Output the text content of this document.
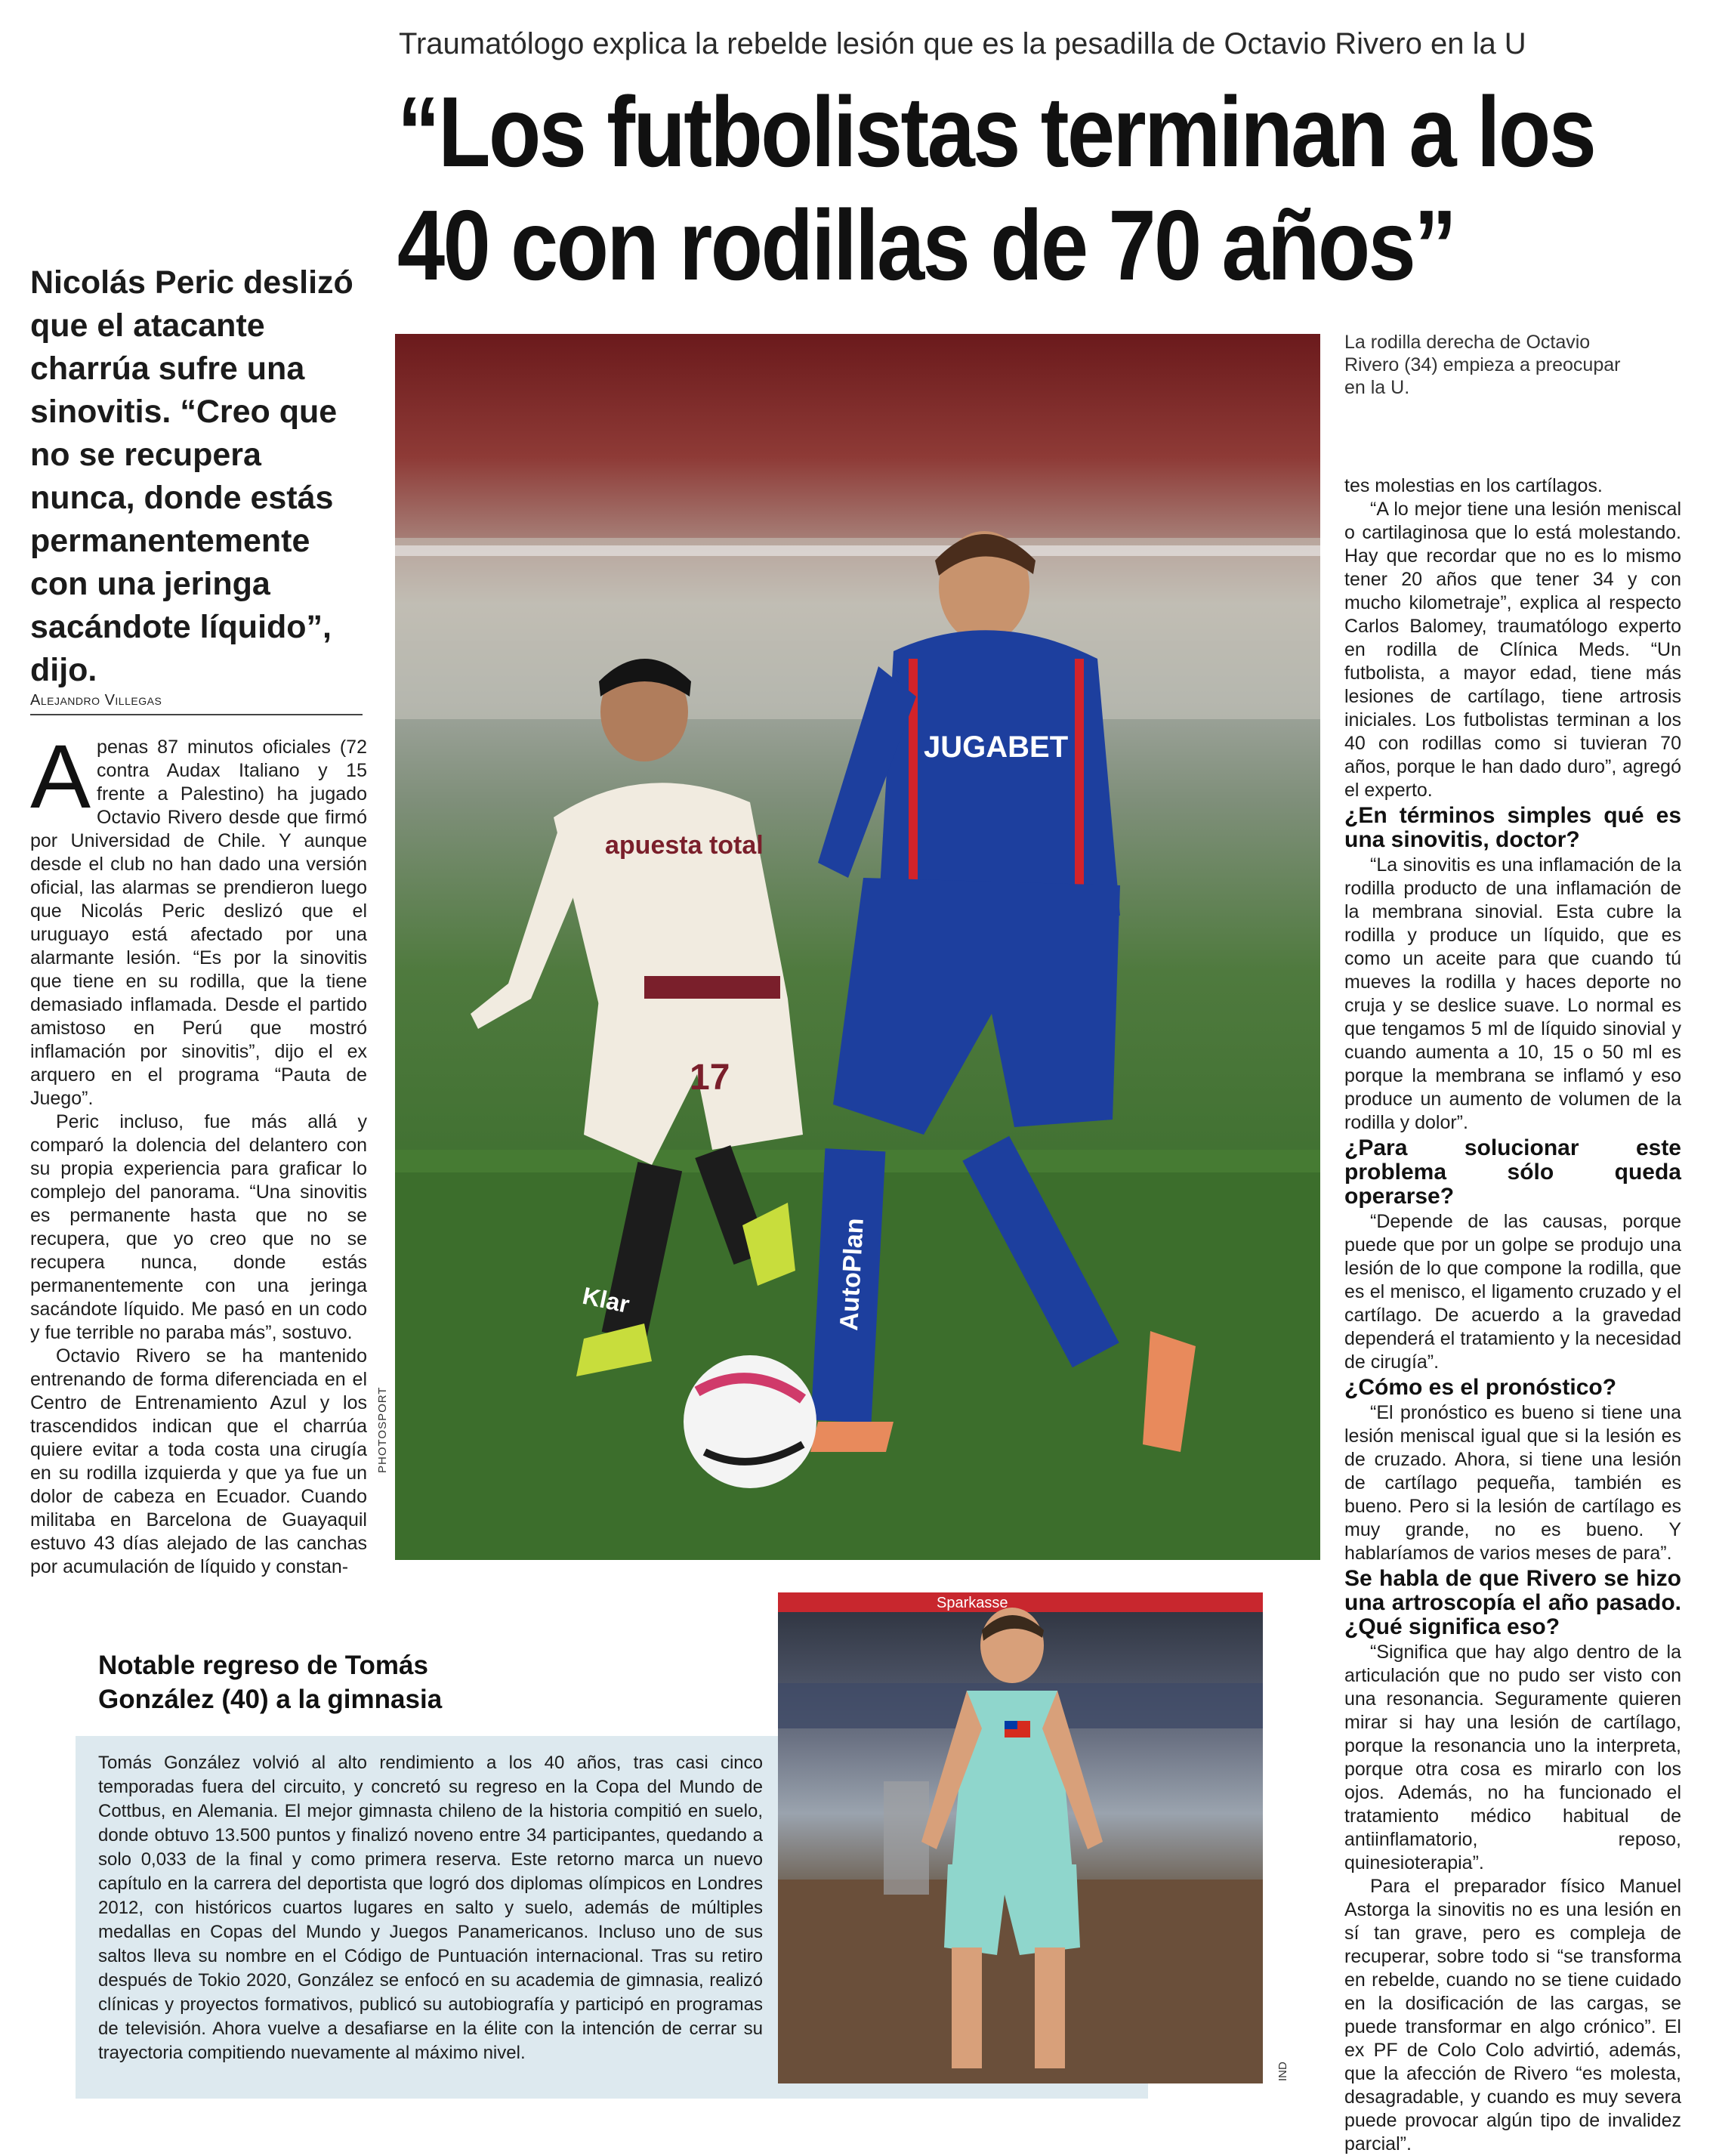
Traumatólogo explica la rebelde lesión que es la pesadilla de Octavio Rivero en la U
“Los futbolistas terminan a los
40 con rodillas de 70 años”
Nicolás Peric deslizó que el atacante charrúa sufre una sinovitis. “Creo que no se recupera nunca, donde estás permanentemente con una jeringa sacándote líquido”, dijo.
Alejandro Villegas

Apenas 87 minutos oficiales (72 contra Audax Italiano y 15 frente a Palestino) ha jugado Octavio Rivero desde que firmó por Universidad de Chile. Y aunque desde el club no han dado una versión oficial, las alarmas se prendieron luego que Nicolás Peric deslizó que el uruguayo está afectado por una alarmante lesión. “Es por la sinovitis que tiene en su rodilla, que la tiene demasiado inflamada. Desde el partido amistoso en Perú que mostró inflamación por sinovitis”, dijo el ex arquero en el programa “Pauta de Juego”.

Peric incluso, fue más allá y comparó la dolencia del delantero con su propia experiencia para graficar lo complejo del panorama. “Una sinovitis es permanente hasta que no se recupera, que yo creo que no se recupera nunca, donde estás permanentemente con una jeringa sacándote líquido. Me pasó en un codo y fue terrible no paraba más”, sostuvo.

Octavio Rivero se ha mantenido entrenando de forma diferenciada en el Centro de Entrenamiento Azul y los trascendidos indican que el charrúa quiere evitar a toda costa una cirugía en su rodilla izquierda y que ya fue un dolor de cabeza en Ecuador. Cuando militaba en Barcelona de Guayaquil estuvo 43 días alejado de las canchas por acumulación de líquido y constan-

apuesta total
17
Klar
JUGABET
AutoPlan
PHOTOSPORT
La rodilla derecha de Octavio Rivero (34) empieza a preocupar en la U.

tes molestias en los cartílagos.

“A lo mejor tiene una lesión meniscal o cartilaginosa que lo está molestando. Hay que recordar que no es lo mismo tener 20 años que tener 34 y con mucho kilometraje”, explica al respecto Carlos Balomey, traumatólogo experto en rodilla de Clínica Meds. “Un futbolista, a mayor edad, tiene más lesiones de cartílago, tiene artrosis iniciales. Los futbolistas terminan a los 40 con rodillas como si tuvieran 70 años, porque le han dado duro”, agregó el experto.

¿En términos simples qué es una sinovitis, doctor?

“La sinovitis es una inflamación de la rodilla producto de una inflamación de la membrana sinovial. Esta cubre la rodilla y produce un líquido, que es como un aceite para que cuando tú mueves la rodilla y haces deporte no cruja y se deslice suave. Lo normal es que tengamos 5 ml de líquido sinovial y cuando aumenta a 10, 15 o 50 ml es porque la membrana se inflamó y eso produce un aumento de volumen de la rodilla y dolor”.

¿Para solucionar este problema sólo queda operarse?

“Depende de las causas, porque puede que por un golpe se produjo una lesión de lo que compone la rodilla, que es el menisco, el ligamento cruzado y el cartílago. De acuerdo a la gravedad dependerá el tratamiento y la necesidad de cirugía”.

¿Cómo es el pronóstico?

“El pronóstico es bueno si tiene una lesión meniscal igual que si la lesión es de cruzado. Ahora, si tiene una lesión de cartílago pequeña, también es bueno. Pero si la lesión de cartílago es muy grande, no es bueno. Y hablaríamos de varios meses de para”.

Se habla de que Rivero se hizo una artroscopía el año pasado. ¿Qué significa eso?

“Significa que hay algo dentro de la articulación que no pudo ser visto con una resonancia. Seguramente quieren mirar si hay una lesión de cartílago, porque la resonancia uno la interpreta, porque otra cosa es mirarlo con los ojos. Además, no ha funcionado el tratamiento médico habitual de antiinflamatorio, reposo, quinesioterapia”.

Para el preparador físico Manuel Astorga la sinovitis no es una lesión en sí tan grave, pero es compleja de recuperar, sobre todo si “se transforma en rebelde, cuando no se tiene cuidado en la dosificación de las cargas, se puede transformar en algo crónico”. El ex PF de Colo Colo advirtió, además, que la afección de Rivero “es molesta, desagradable, y cuando es muy severa puede provocar algún tipo de invalidez parcial”.

Notable regreso de Tomás González (40) a la gimnasia
Tomás González volvió al alto rendimiento a los 40 años, tras casi cinco temporadas fuera del circuito, y concretó su regreso en la Copa del Mundo de Cottbus, en Alemania. El mejor gimnasta chileno de la historia compitió en suelo, donde obtuvo 13.500 puntos y finalizó noveno entre 34 participantes, quedando a solo 0,033 de la final y como primera reserva. Este retorno marca un nuevo capítulo en la carrera del deportista que logró dos diplomas olímpicos en Londres 2012, con históricos cuartos lugares en salto y suelo, además de múltiples medallas en Copas del Mundo y Juegos Panamericanos. Incluso uno de sus saltos lleva su nombre en el Código de Puntuación internacional. Tras su retiro después de Tokio 2020, González se enfocó en su academia de gimnasia, realizó clínicas y proyectos formativos, publicó su autobiografía y participó en programas de televisión. Ahora vuelve a desafiarse en la élite con la intención de cerrar su trayectoria compitiendo nuevamente al máximo nivel.
Sparkasse
IND
